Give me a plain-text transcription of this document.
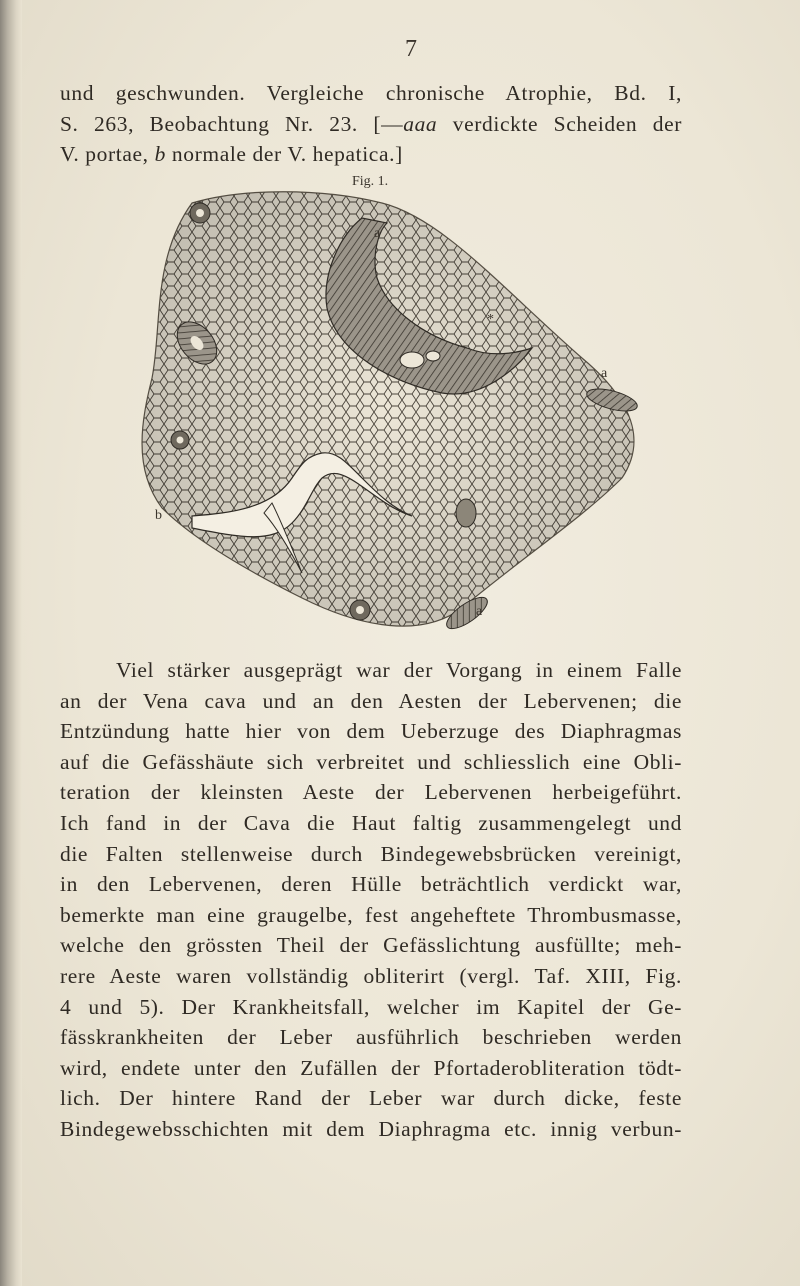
7
und geschwunden. Vergleiche chronische Atrophie, Bd. I,
S. 263, Beobachtung Nr. 23. [—aaa verdickte Scheiden der
V. portae, b normale der V. hepatica.]
Fig. 1.
a
*
a
b
a
Viel stärker ausgeprägt war der Vorgang in einem Falle
an der Vena cava und an den Aesten der Lebervenen; die
Entzündung hatte hier von dem Ueberzuge des Diaphragmas
auf die Gefässhäute sich verbreitet und schliesslich eine Obli-
teration der kleinsten Aeste der Lebervenen herbeigeführt.
Ich fand in der Cava die Haut faltig zusammengelegt und
die Falten stellenweise durch Bindegewebsbrücken vereinigt,
in den Lebervenen, deren Hülle beträchtlich verdickt war,
bemerkte man eine graugelbe, fest angeheftete Thrombusmasse,
welche den grössten Theil der Gefässlichtung ausfüllte; meh-
rere Aeste waren vollständig obliterirt (vergl. Taf. XIII, Fig.
4 und 5). Der Krankheitsfall, welcher im Kapitel der Ge-
fässkrankheiten der Leber ausführlich beschrieben werden
wird, endete unter den Zufällen der Pfortaderobliteration tödt-
lich. Der hintere Rand der Leber war durch dicke, feste
Bindegewebsschichten mit dem Diaphragma etc. innig verbun-
